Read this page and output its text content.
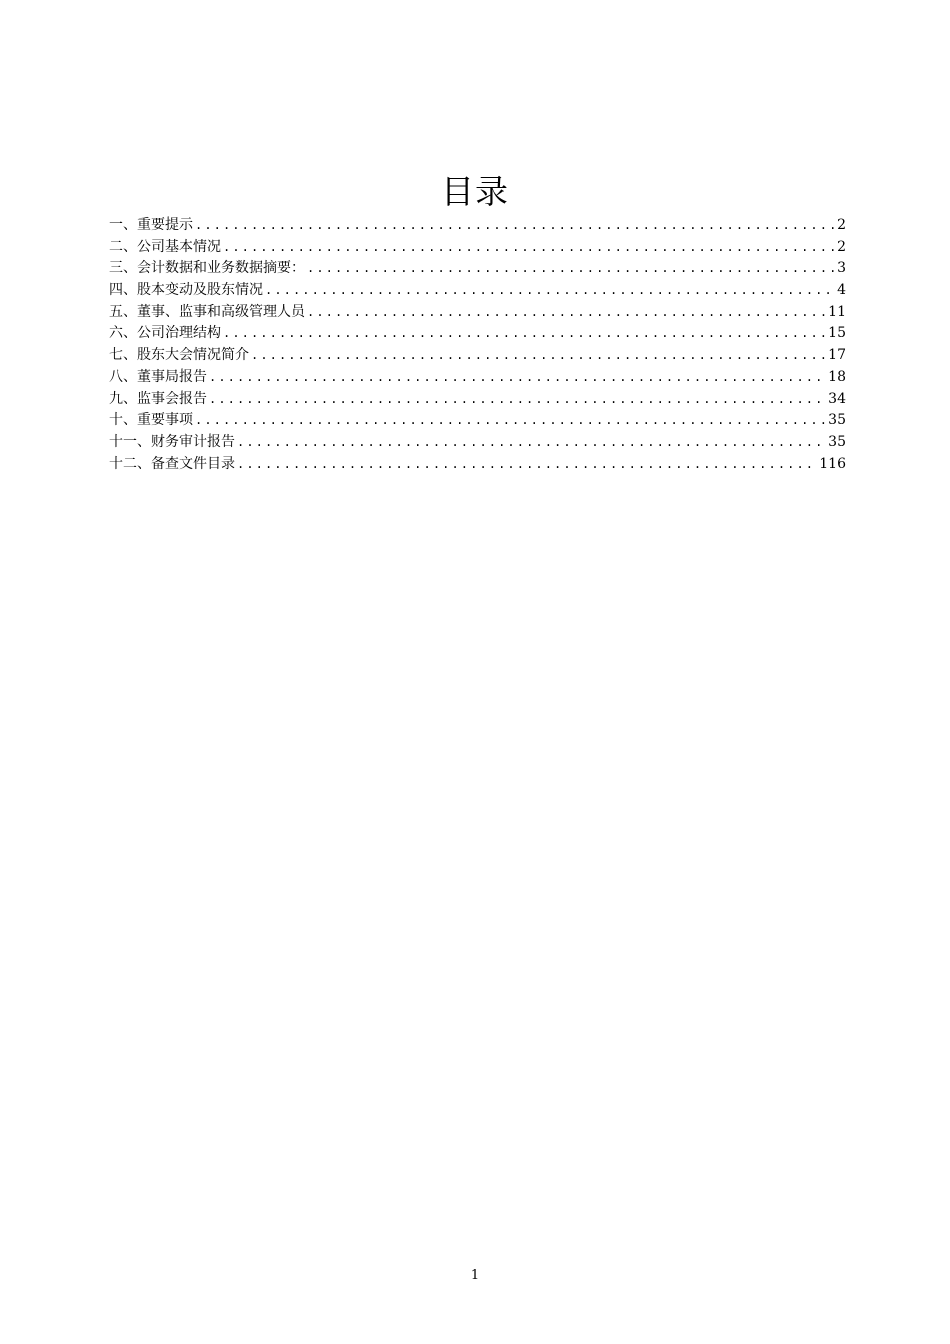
目录
一、重要提示 .....	2
二、公司基本情况 .....	2
三、会计数据和业务数据摘要： .....	3
四、股本变动及股东情况 .....	4
五、董事、监事和高级管理人员 .....	11
六、公司治理结构 .....	15
七、股东大会情况简介 .....	17
八、董事局报告 .....	18
九、监事会报告 .....	34
十、重要事项 .....	35
十一、财务审计报告 .....	35
十二、备查文件目录 .....	116
1
